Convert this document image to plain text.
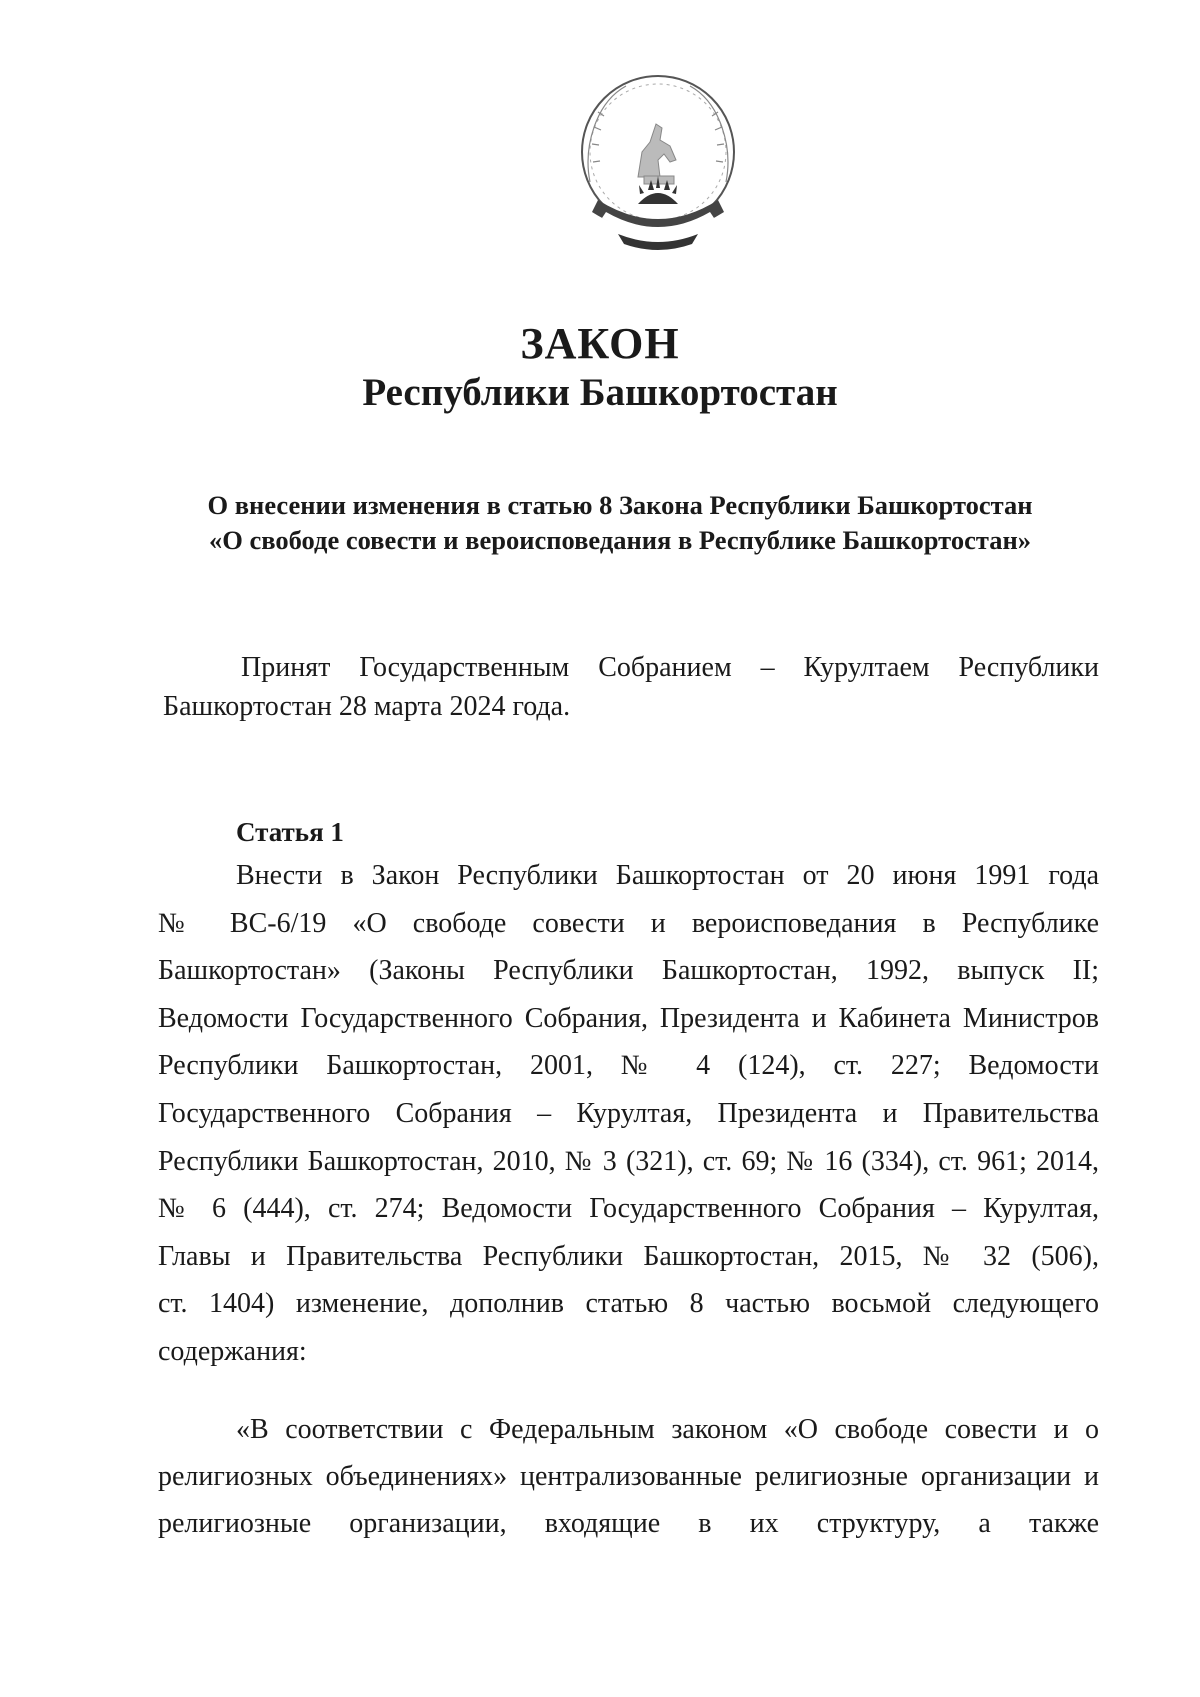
ЗАКОН
Республики Башкортостан

О внесении изменения в статью 8 Закона Республики Башкортостан
«О свободе совести и вероисповедания в Республике Башкортостан»

Принят Государственным Собранием – Курултаем Республики
Башкортостан 28 марта 2024 года.

Статья 1

Внести в Закон Республики Башкортостан от 20 июня 1991 года
№ ВС-6/19 «О свободе совести и вероисповедания в Республике
Башкортостан» (Законы Республики Башкортостан, 1992, выпуск II;
Ведомости Государственного Собрания, Президента и Кабинета Министров
Республики Башкортостан, 2001, № 4 (124), ст. 227; Ведомости
Государственного Собрания – Курултая, Президента и Правительства
Республики Башкортостан, 2010, № 3 (321), ст. 69; № 16 (334), ст. 961; 2014,
№ 6 (444), ст. 274; Ведомости Государственного Собрания – Курултая,
Главы и Правительства Республики Башкортостан, 2015, № 32 (506),
ст. 1404) изменение, дополнив статью 8 частью восьмой следующего
содержания:

«В соответствии с Федеральным законом «О свободе совести и о
религиозных объединениях» централизованные религиозные организации и
религиозные организации, входящие в их структуру, а также
